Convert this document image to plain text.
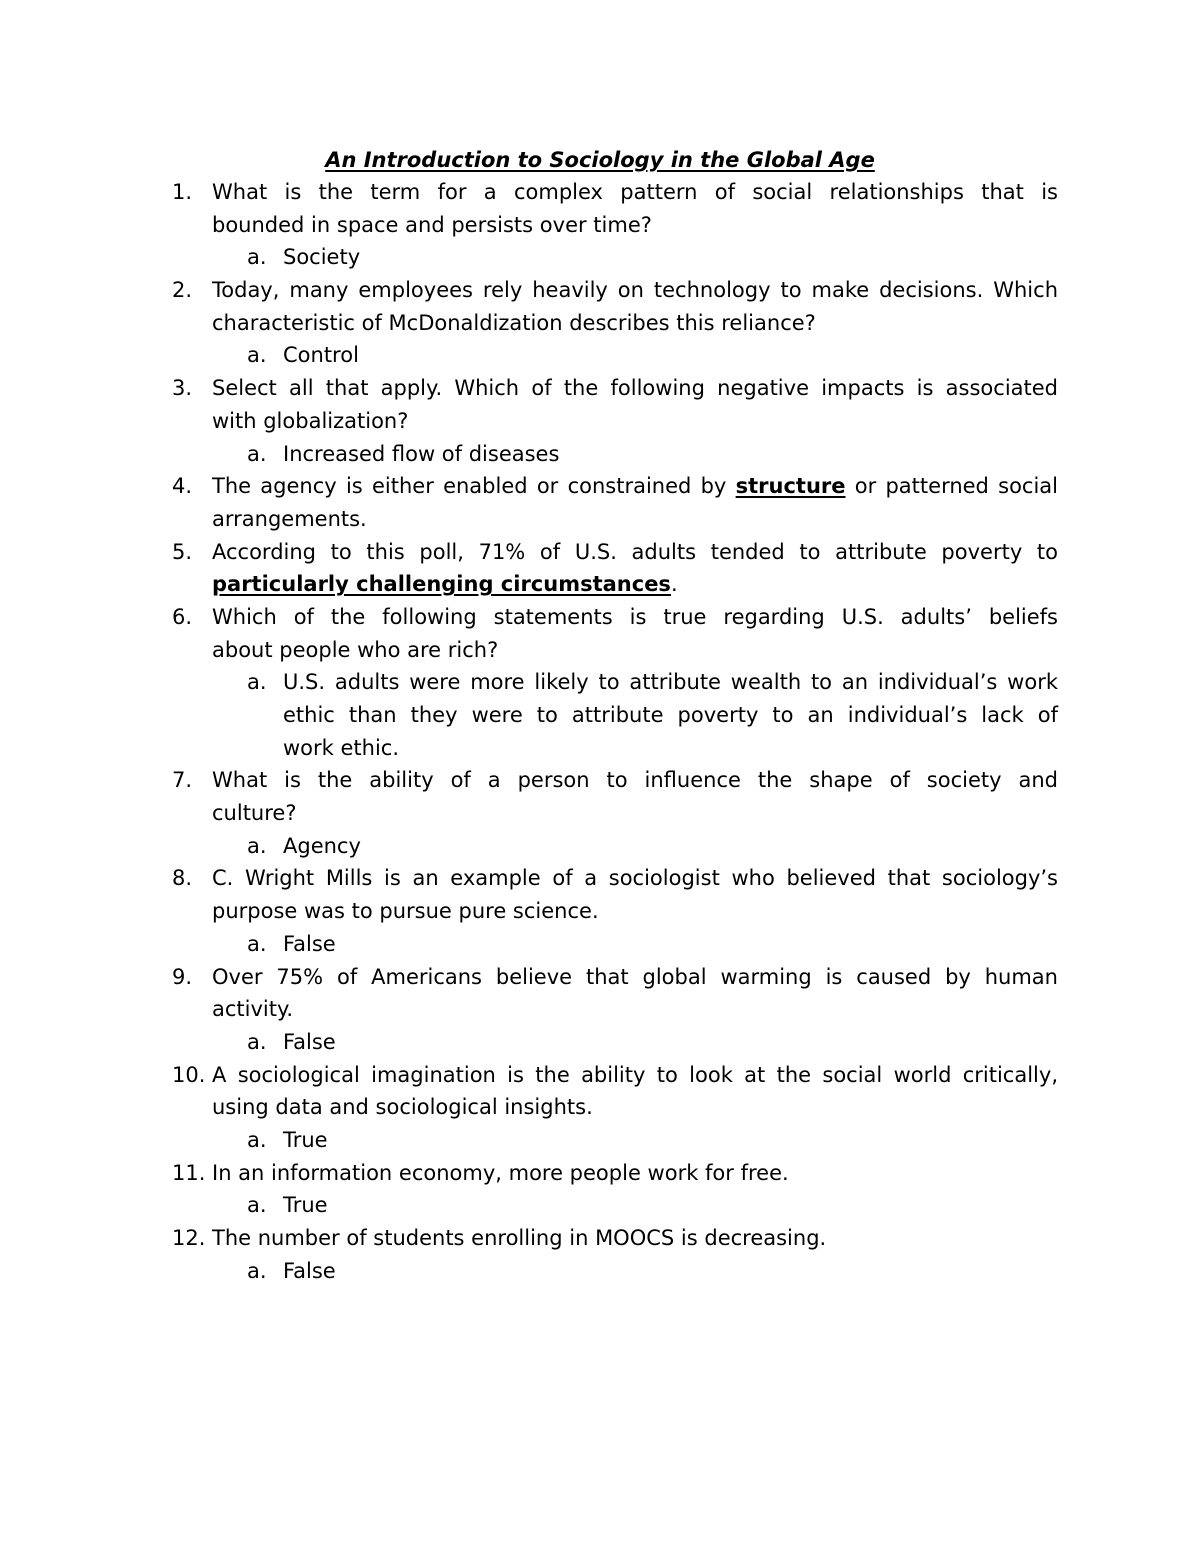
An Introduction to Sociology in the Global Age
1. What is the term for a complex pattern of social relationships that is
bounded in space and persists over time?
a. Society
2. Today, many employees rely heavily on technology to make decisions. Which
characteristic of McDonaldization describes this reliance?
a. Control
3. Select all that apply. Which of the following negative impacts is associated
with globalization?
a. Increased flow of diseases
4. The agency is either enabled or constrained by structure or patterned social
arrangements.
5. According to this poll, 71% of U.S. adults tended to attribute poverty to
particularly challenging circumstances.
6. Which of the following statements is true regarding U.S. adults’ beliefs
about people who are rich?
a. U.S. adults were more likely to attribute wealth to an individual’s work
ethic than they were to attribute poverty to an individual’s lack of
work ethic.
7. What is the ability of a person to influence the shape of society and
culture?
a. Agency
8. C. Wright Mills is an example of a sociologist who believed that sociology’s
purpose was to pursue pure science.
a. False
9. Over 75% of Americans believe that global warming is caused by human
activity.
a. False
10. A sociological imagination is the ability to look at the social world critically,
using data and sociological insights.
a. True
11. In an information economy, more people work for free.
a. True
12. The number of students enrolling in MOOCS is decreasing.
a. False
